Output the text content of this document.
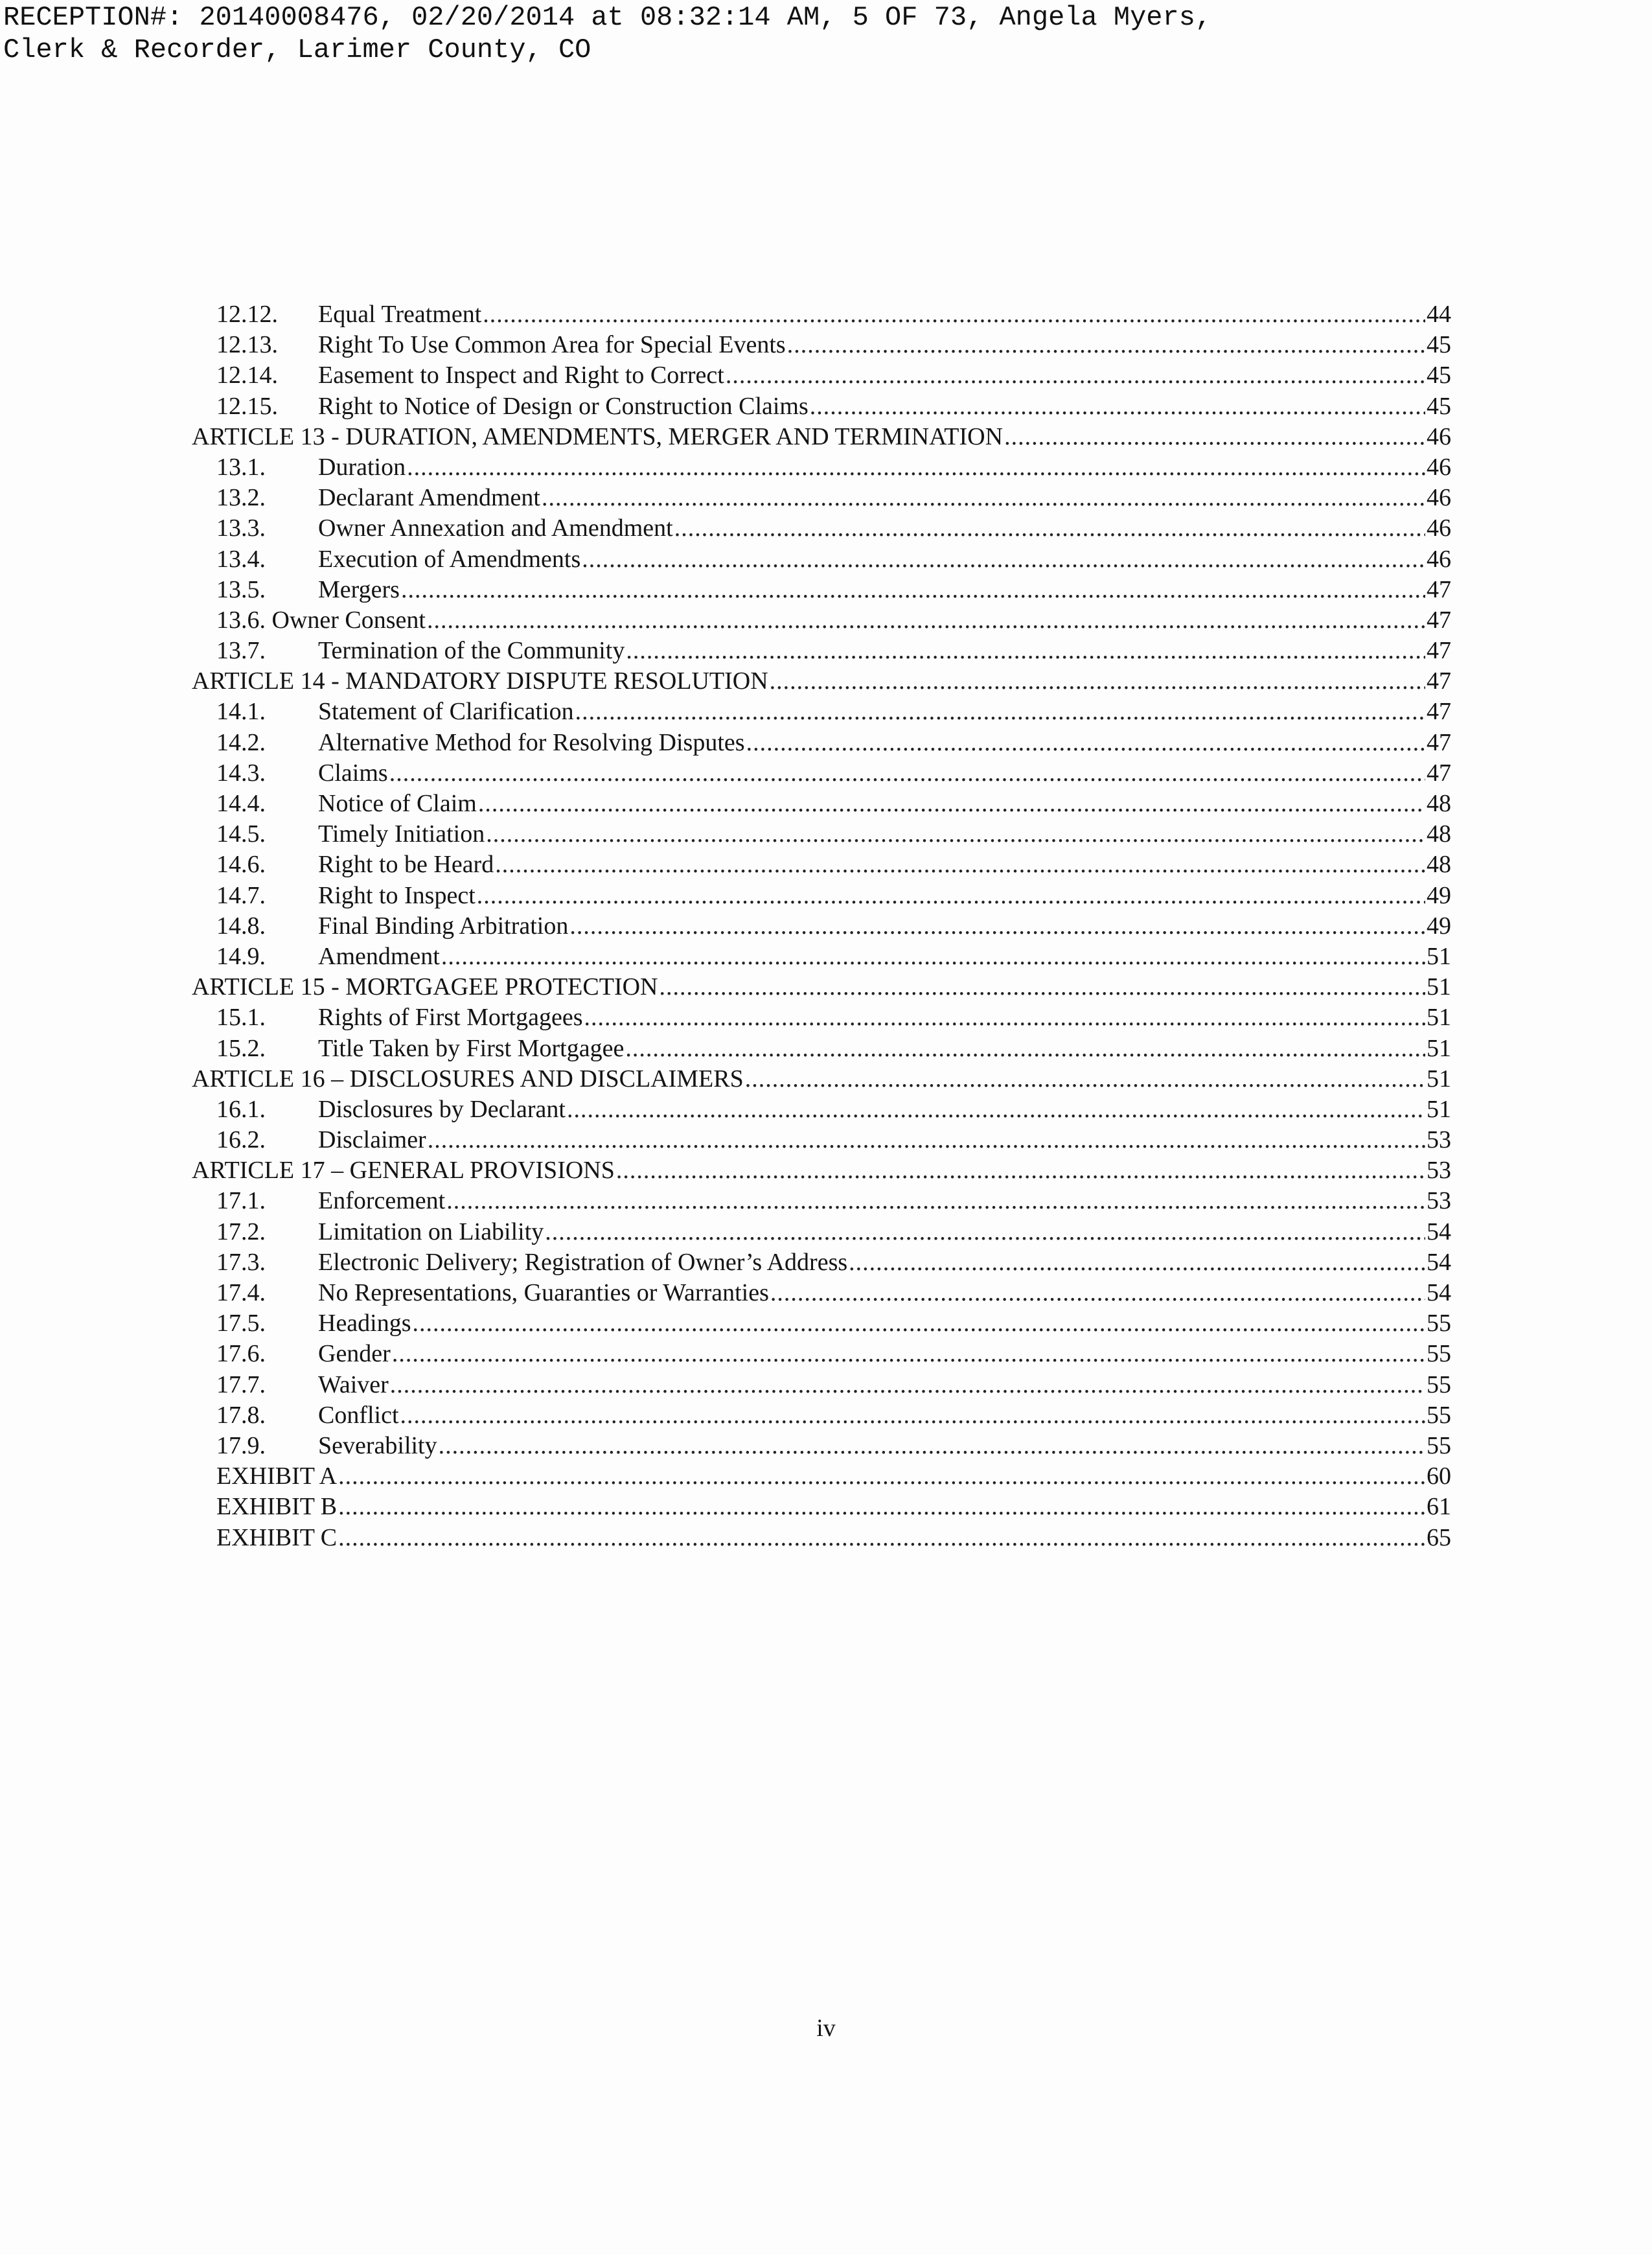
RECEPTION#: 20140008476, 02/20/2014 at 08:32:14 AM, 5 OF 73, Angela Myers,
Clerk & Recorder, Larimer County, CO
12.12.	Equal Treatment .....	44
12.13.	Right To Use Common Area for Special Events .....	45
12.14.	Easement to Inspect and Right to Correct .....	45
12.15.	Right to Notice of Design or Construction Claims .....	45
ARTICLE 13 - DURATION, AMENDMENTS, MERGER AND TERMINATION .....	46
13.1.	Duration .....	46
13.2.	Declarant Amendment .....	46
13.3.	Owner Annexation and Amendment .....	46
13.4.	Execution of Amendments .....	46
13.5.	Mergers .....	47
13.6. Owner Consent .....	47
13.7.	Termination of the Community .....	47
ARTICLE 14 - MANDATORY DISPUTE RESOLUTION .....	47
14.1.	Statement of Clarification .....	47
14.2.	Alternative Method for Resolving Disputes .....	47
14.3.	Claims .....	47
14.4.	Notice of Claim .....	48
14.5.	Timely Initiation .....	48
14.6.	Right to be Heard .....	48
14.7.	Right to Inspect .....	49
14.8.	Final Binding Arbitration .....	49
14.9.	Amendment .....	51
ARTICLE 15 - MORTGAGEE PROTECTION .....	51
15.1.	Rights of First Mortgagees .....	51
15.2.	Title Taken by First Mortgagee .....	51
ARTICLE 16 – DISCLOSURES AND DISCLAIMERS .....	51
16.1.	Disclosures by Declarant .....	51
16.2.	Disclaimer .....	53
ARTICLE 17 – GENERAL PROVISIONS .....	53
17.1.	Enforcement .....	53
17.2.	Limitation on Liability .....	54
17.3.	Electronic Delivery; Registration of Owner’s Address .....	54
17.4.	No Representations, Guaranties or Warranties .....	54
17.5.	Headings .....	55
17.6.	Gender .....	55
17.7.	Waiver .....	55
17.8.	Conflict .....	55
17.9.	Severability .....	55
EXHIBIT A .....	60
EXHIBIT B .....	61
EXHIBIT C .....	65
iv
